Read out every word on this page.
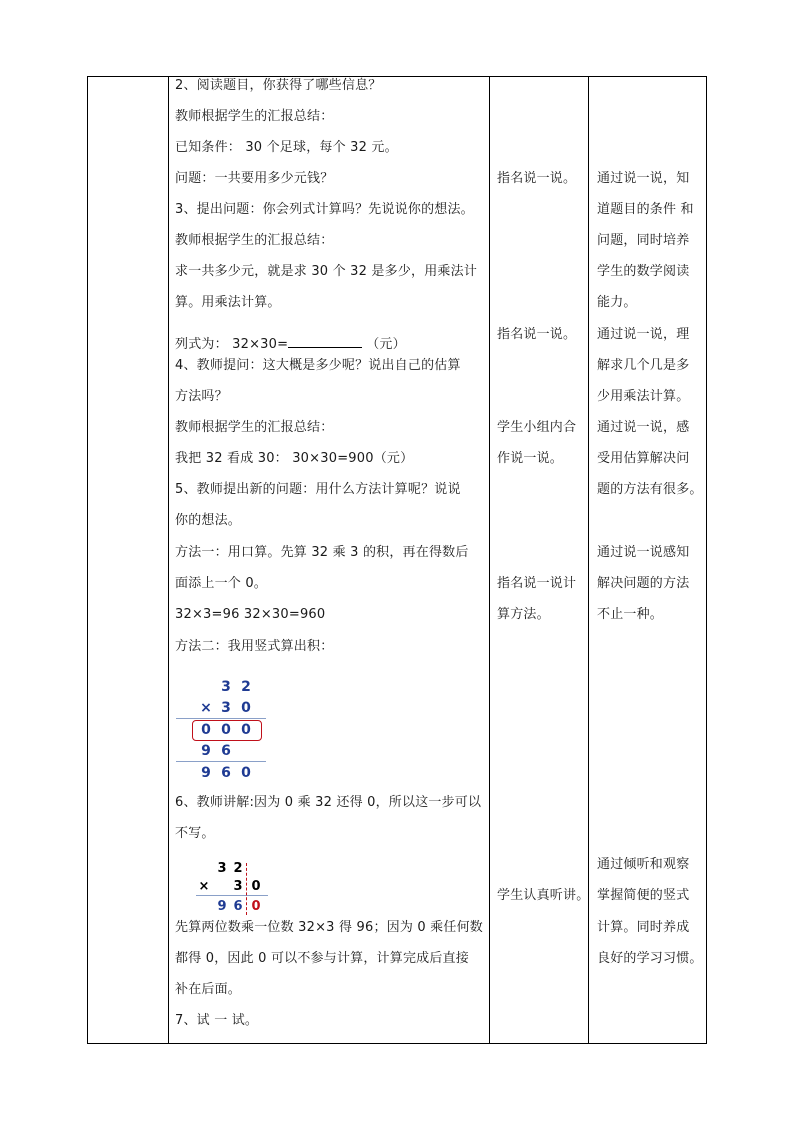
2、阅读题目，你获得了哪些信息？
教师根据学生的汇报总结：
已知条件： 30 个足球，每个 32 元。
问题：一共要用多少元钱？
3、提出问题：你会列式计算吗？先说说你的想法。
教师根据学生的汇报总结：
求一共多少元，就是求 30 个 32 是多少，用乘法计
算。用乘法计算。
4、教师提问：这大概是多少呢？说出自己的估算
方法吗？
教师根据学生的汇报总结：
我把 32 看成 30： 30×30=900（元）
5、教师提出新的问题：用什么方法计算呢？说说
你的想法。
方法一：用口算。先算 32 乘 3 的积，再在得数后
面添上一个 0。
32×3=96 32×30=960
方法二：我用竖式算出积：
6、教师讲解:因为 0 乘 32 还得 0，所以这一步可以
不写。
先算两位数乘一位数 32×3 得 96；因为 0 乘任何数
都得 0，因此 0 可以不参与计算，计算完成后直接
补在后面。
7、试 一 试。
列式为： 32×30=	（元）
3 2
× 3 0
0 0 0
9 6
9 6 0
3 2
× 3 0
9 6 0
指名说一说。
指名说一说。
学生小组内合
作说一说。
指名说一说计
算方法。
学生认真听讲。
通过说一说，知
道题目的条件 和
问题，同时培养
学生的数学阅读
能力。
通过说一说，理
解求几个几是多
少用乘法计算。
通过说一说，感
受用估算解决问
题的方法有很多。
通过说一说感知
解决问题的方法
不止一种。
通过倾听和观察
掌握简便的竖式
计算。同时养成
良好的学习习惯。
